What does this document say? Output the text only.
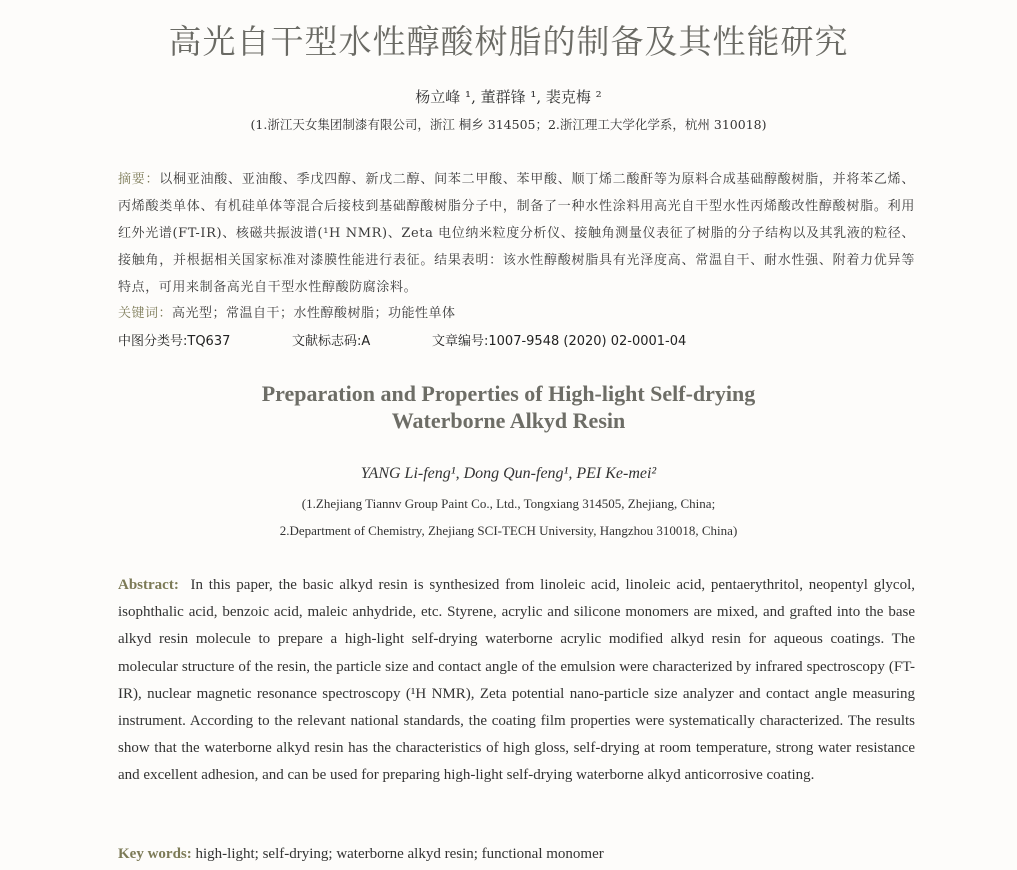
高光自干型水性醇酸树脂的制备及其性能研究
杨立峰 ¹, 董群锋 ¹, 裴克梅 ²
(1.浙江天女集团制漆有限公司，浙江 桐乡 314505；2.浙江理工大学化学系，杭州 310018)
摘要：以桐亚油酸、亚油酸、季戊四醇、新戊二醇、间苯二甲酸、苯甲酸、顺丁烯二酸酐等为原料合成基础醇酸树脂，并将苯乙烯、丙烯酸类单体、有机硅单体等混合后接枝到基础醇酸树脂分子中，制备了一种水性涂料用高光自干型水性丙烯酸改性醇酸树脂。利用红外光谱(FT-IR)、核磁共振波谱(¹H NMR)、Zeta 电位纳米粒度分析仪、接触角测量仪表征了树脂的分子结构以及其乳液的粒径、接触角，并根据相关国家标准对漆膜性能进行表征。结果表明：该水性醇酸树脂具有光泽度高、常温自干、耐水性强、附着力优异等特点，可用来制备高光自干型水性醇酸防腐涂料。
关键词：高光型；常温自干；水性醇酸树脂；功能性单体
中图分类号:TQ637	文献标志码:A	文章编号:1007-9548 (2020) 02-0001-04
Preparation and Properties of High-light Self-drying
Waterborne Alkyd Resin
YANG Li-feng¹, Dong Qun-feng¹, PEI Ke-mei²
(1.Zhejiang Tiannv Group Paint Co., Ltd., Tongxiang 314505, Zhejiang, China;
2.Department of Chemistry, Zhejiang SCI-TECH University, Hangzhou 310018, China)
Abstract: In this paper, the basic alkyd resin is synthesized from linoleic acid, linoleic acid, pentaerythritol, neopentyl glycol, isophthalic acid, benzoic acid, maleic anhydride, etc. Styrene, acrylic and silicone monomers are mixed, and grafted into the base alkyd resin molecule to prepare a high-light self-drying waterborne acrylic modified alkyd resin for aqueous coatings. The molecular structure of the resin, the particle size and contact angle of the emulsion were characterized by infrared spectroscopy (FT-IR), nuclear magnetic resonance spectroscopy (¹H NMR), Zeta potential nano-particle size analyzer and contact angle measuring instrument. According to the relevant national standards, the coating film properties were systematically characterized. The results show that the waterborne alkyd resin has the characteristics of high gloss, self-drying at room temperature, strong water resistance and excellent adhesion, and can be used for preparing high-light self-drying waterborne alkyd anticorrosive coating.
Key words: high-light; self-drying; waterborne alkyd resin; functional monomer
